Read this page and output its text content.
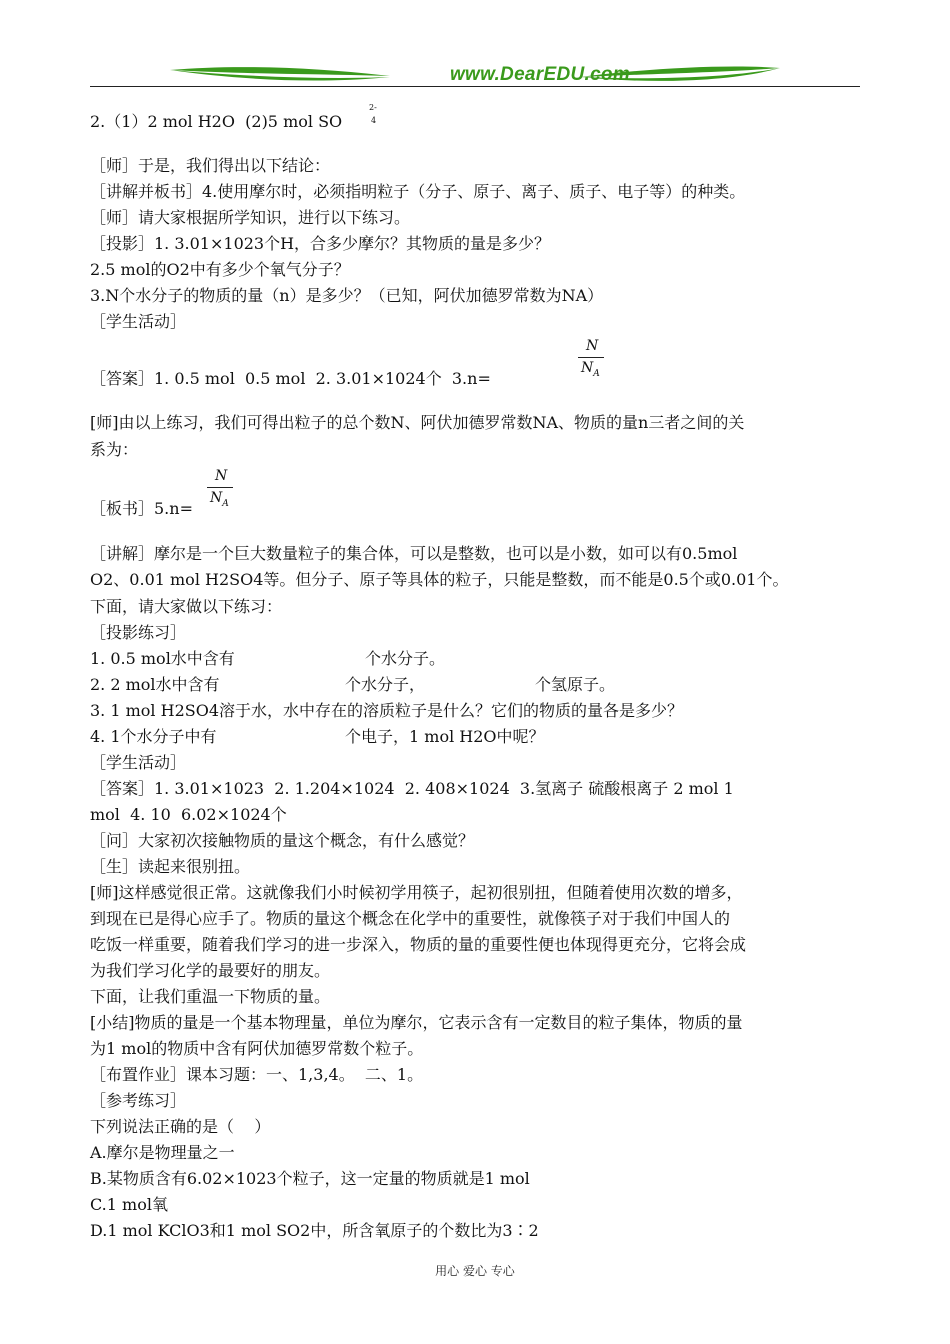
www.DearEDU.com
2.（1）2 mol H2O  (2)5 mol SO
2-
4
［师］于是，我们得出以下结论：
［讲解并板书］4.使用摩尔时，必须指明粒子（分子、原子、离子、质子、电子等）的种类。
［师］请大家根据所学知识，进行以下练习。
［投影］1. 3.01×1023个H，合多少摩尔？其物质的量是多少？
2.5 mol的O2中有多少个氧气分子？
3.N个水分子的物质的量（n）是多少？（已知，阿伏加德罗常数为NA）
［学生活动］
［答案］1. 0.5 mol  0.5 mol  2. 3.01×1024个  3.n=
N
$N_A$
[师]由以上练习，我们可得出粒子的总个数N、阿伏加德罗常数NA、物质的量n三者之间的关
系为：
［板书］5.n=
N
$N_A$
［讲解］摩尔是一个巨大数量粒子的集合体，可以是整数，也可以是小数，如可以有0.5mol
O2、0.01 mol H2SO4等。但分子、原子等具体的粒子，只能是整数，而不能是0.5个或0.01个。
下面，请大家做以下练习：
［投影练习］
1. 0.5 mol水中含有	个水分子。
2. 2 mol水中含有	个水分子，	个氢原子。
3. 1 mol H2SO4溶于水，水中存在的溶质粒子是什么？它们的物质的量各是多少？
4. 1个水分子中有	个电子，1 mol H2O中呢？
［学生活动］
［答案］1. 3.01×1023  2. 1.204×1024  2. 408×1024  3.氢离子 硫酸根离子 2 mol 1
mol  4. 10  6.02×1024个
［问］大家初次接触物质的量这个概念，有什么感觉？
［生］读起来很别扭。
[师]这样感觉很正常。这就像我们小时候初学用筷子，起初很别扭，但随着使用次数的增多，
到现在已是得心应手了。物质的量这个概念在化学中的重要性，就像筷子对于我们中国人的
吃饭一样重要，随着我们学习的进一步深入，物质的量的重要性便也体现得更充分，它将会成
为我们学习化学的最要好的朋友。
下面，让我们重温一下物质的量。
[小结]物质的量是一个基本物理量，单位为摩尔，它表示含有一定数目的粒子集体，物质的量
为1 mol的物质中含有阿伏加德罗常数个粒子。
［布置作业］课本习题：一、1,3,4。  二、1。
［参考练习］
下列说法正确的是（    ）
A.摩尔是物理量之一
B.某物质含有6.02×1023个粒子，这一定量的物质就是1 mol
C.1 mol氧
D.1 mol KClO3和1 mol SO2中，所含氧原子的个数比为3∶2
用心 爱心 专心
